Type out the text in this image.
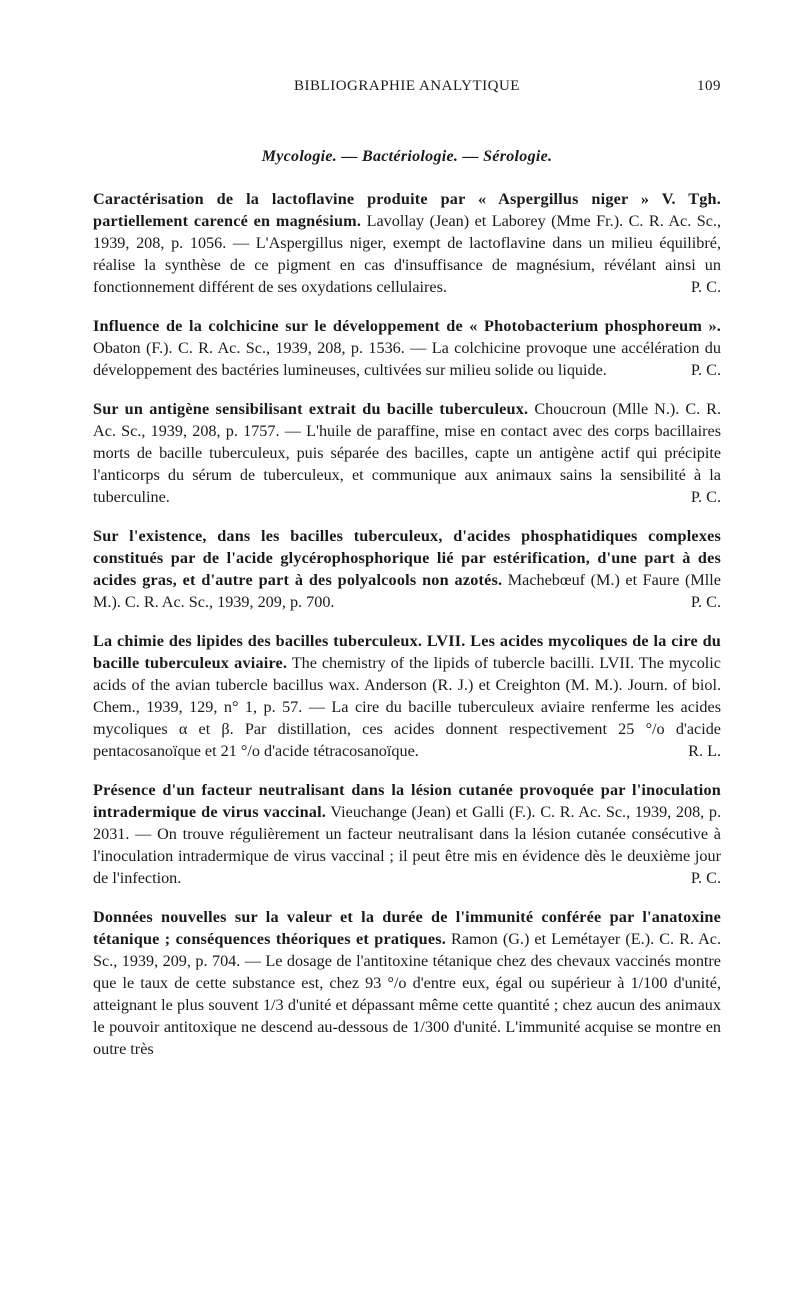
BIBLIOGRAPHIE ANALYTIQUE	109
Mycologie. — Bactériologie. — Sérologie.
Caractérisation de la lactoflavine produite par « Aspergillus niger » V. Tgh. partiellement carencé en magnésium. Lavollay (Jean) et Laborey (Mme Fr.). C. R. Ac. Sc., 1939, 208, p. 1056. — L'Aspergillus niger, exempt de lactoflavine dans un milieu équilibré, réalise la synthèse de ce pigment en cas d'insuffisance de magnésium, révélant ainsi un fonctionnement différent de ses oxydations cellulaires.	P. C.
Influence de la colchicine sur le développement de « Photobacterium phosphoreum ». Obaton (F.). C. R. Ac. Sc., 1939, 208, p. 1536. — La colchicine provoque une accélération du développement des bactéries lumineuses, cultivées sur milieu solide ou liquide.	P. C.
Sur un antigène sensibilisant extrait du bacille tuberculeux. Choucroun (Mlle N.). C. R. Ac. Sc., 1939, 208, p. 1757. — L'huile de paraffine, mise en contact avec des corps bacillaires morts de bacille tuberculeux, puis séparée des bacilles, capte un antigène actif qui précipite l'anticorps du sérum de tuberculeux, et communique aux animaux sains la sensibilité à la tuberculine.	P. C.
Sur l'existence, dans les bacilles tuberculeux, d'acides phosphatidiques complexes constitués par de l'acide glycérophosphorique lié par estérification, d'une part à des acides gras, et d'autre part à des polyalcools non azotés. Machebœuf (M.) et Faure (Mlle M.). C. R. Ac. Sc., 1939, 209, p. 700.	P. C.
La chimie des lipides des bacilles tuberculeux. LVII. Les acides mycoliques de la cire du bacille tuberculeux aviaire. The chemistry of the lipids of tubercle bacilli. LVII. The mycolic acids of the avian tubercle bacillus wax. Anderson (R. J.) et Creighton (M. M.). Journ. of biol. Chem., 1939, 129, n° 1, p. 57. — La cire du bacille tuberculeux aviaire renferme les acides mycoliques α et β. Par distillation, ces acides donnent respectivement 25 °/o d'acide pentacosanoïque et 21 °/o d'acide tétracosanoïque.	R. L.
Présence d'un facteur neutralisant dans la lésion cutanée provoquée par l'inoculation intradermique de virus vaccinal. Vieuchange (Jean) et Galli (F.). C. R. Ac. Sc., 1939, 208, p. 2031. — On trouve régulièrement un facteur neutralisant dans la lésion cutanée consécutive à l'inoculation intradermique de virus vaccinal ; il peut être mis en évidence dès le deuxième jour de l'infection.	P. C.
Données nouvelles sur la valeur et la durée de l'immunité conférée par l'anatoxine tétanique ; conséquences théoriques et pratiques. Ramon (G.) et Lemétayer (E.). C. R. Ac. Sc., 1939, 209, p. 704. — Le dosage de l'antitoxine tétanique chez des chevaux vaccinés montre que le taux de cette substance est, chez 93 °/o d'entre eux, égal ou supérieur à 1/100 d'unité, atteignant le plus souvent 1/3 d'unité et dépassant même cette quantité ; chez aucun des animaux le pouvoir antitoxique ne descend au-dessous de 1/300 d'unité. L'immunité acquise se montre en outre très
